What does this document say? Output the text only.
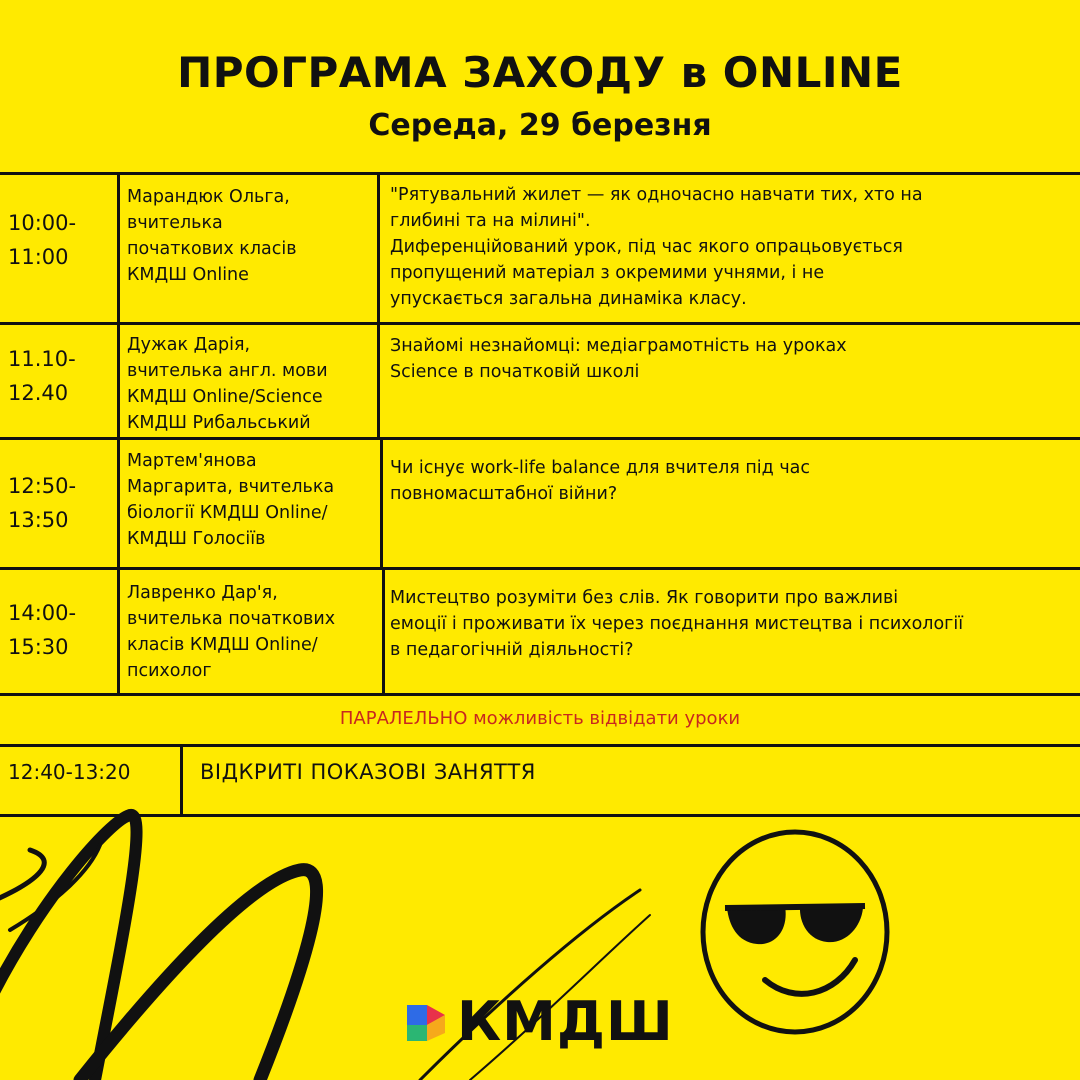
ПРОГРАМА ЗАХОДУ в ONLINE
Середа, 29 березня
10:00-
11:00
Марандюк Ольга,
вчителька
початкових класів
КМДШ Online
"Рятувальний жилет — як одночасно навчати тих, хто на
глибині та на мілині".
Диференційований урок, під час якого опрацьовується
пропущений матеріал з окремими учнями, і не
упускається загальна динаміка класу.
11.10-
12.40
Дужак Дарія,
вчителька англ. мови
КМДШ Online/Science
КМДШ Рибальський
Знайомі незнайомці: медіаграмотність на уроках
Science в початковій школі
12:50-
13:50
Мартем'янова
Маргарита, вчителька
біології КМДШ Online/
КМДШ Голосіїв
Чи існує work-life balance для вчителя під час
повномасштабної війни?
14:00-
15:30
Лавренко Дар'я,
вчителька початкових
класів КМДШ Online/
психолог
Мистецтво розуміти без слів. Як говорити про важливі
емоції і проживати їх через поєднання мистецтва і психології
в педагогічній діяльності?
ПАРАЛЕЛЬНО можливість відвідати уроки
12:40-13:20	ВІДКРИТІ ПОКАЗОВІ ЗАНЯТТЯ
КМДШ
